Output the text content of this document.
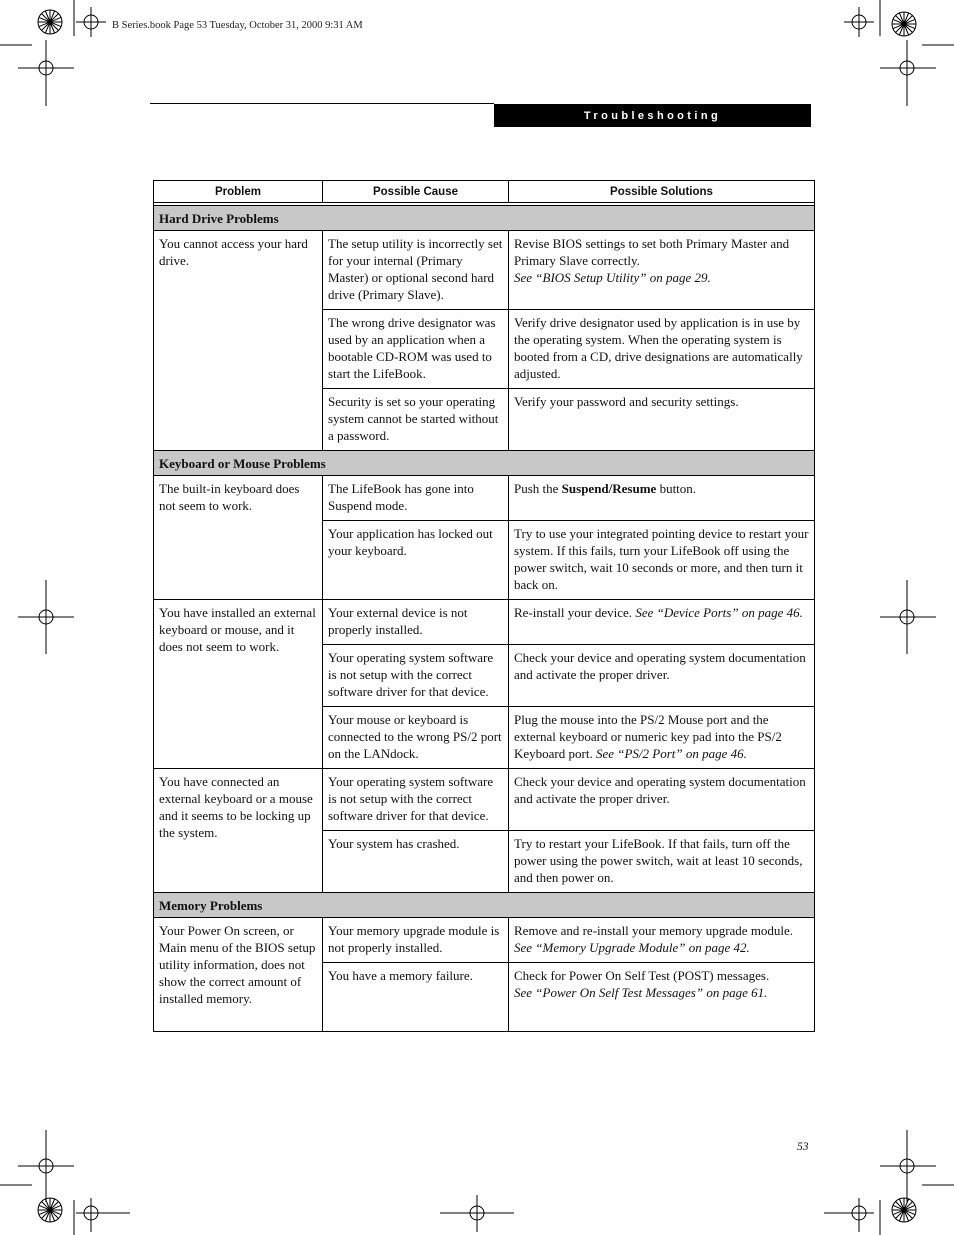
B Series.book Page 53 Tuesday, October 31, 2000 9:31 AM
Troubleshooting
Problem	Possible Cause	Possible Solutions

Hard Drive Problems		

You cannot access your hard drive.	The setup utility is incorrectly set for your internal (Primary Master) or optional second hard drive (Primary Slave).	Revise BIOS settings to set both Primary Master and Primary Slave correctly.
See “BIOS Setup Utility” on page 29.

	The wrong drive designator was used by an application when a bootable CD-ROM was used to start the LifeBook.	Verify drive designator used by application is in use by the operating system. When the operating system is booted from a CD, drive designations are automatically adjusted.

	Security is set so your operating system cannot be started without a password.	Verify your password and security settings.

Keyboard or Mouse Problems		

The built-in keyboard does not seem to work.	The LifeBook has gone into Suspend mode.	Push the Suspend/Resume button.

	Your application has locked out your keyboard.	Try to use your integrated pointing device to restart your system. If this fails, turn your LifeBook off using the power switch, wait 10 seconds or more, and then turn it back on.

You have installed an external keyboard or mouse, and it does not seem to work.	Your external device is not properly installed.	Re-install your device. See “Device Ports” on page 46.

	Your operating system software is not setup with the correct software driver for that device.	Check your device and operating system documentation and activate the proper driver.

	Your mouse or keyboard is connected to the wrong PS/2 port on the LANdock.	Plug the mouse into the PS/2 Mouse port and the external keyboard or numeric key pad into the PS/2 Keyboard port. See “PS/2 Port” on page 46.

You have connected an external keyboard or a mouse and it seems to be locking up the system.	Your operating system software is not setup with the correct software driver for that device.	Check your device and operating system documentation and activate the proper driver.

	Your system has crashed.	Try to restart your LifeBook. If that fails, turn off the power using the power switch, wait at least 10 seconds, and then power on.

Memory Problems		

Your Power On screen, or Main menu of the BIOS setup utility information, does not show the correct amount of installed memory.	Your memory upgrade module is not properly installed.	Remove and re-install your memory upgrade module. See “Memory Upgrade Module” on page 42.

	You have a memory failure.	Check for Power On Self Test (POST) messages.
See “Power On Self Test Messages” on page 61.
53
